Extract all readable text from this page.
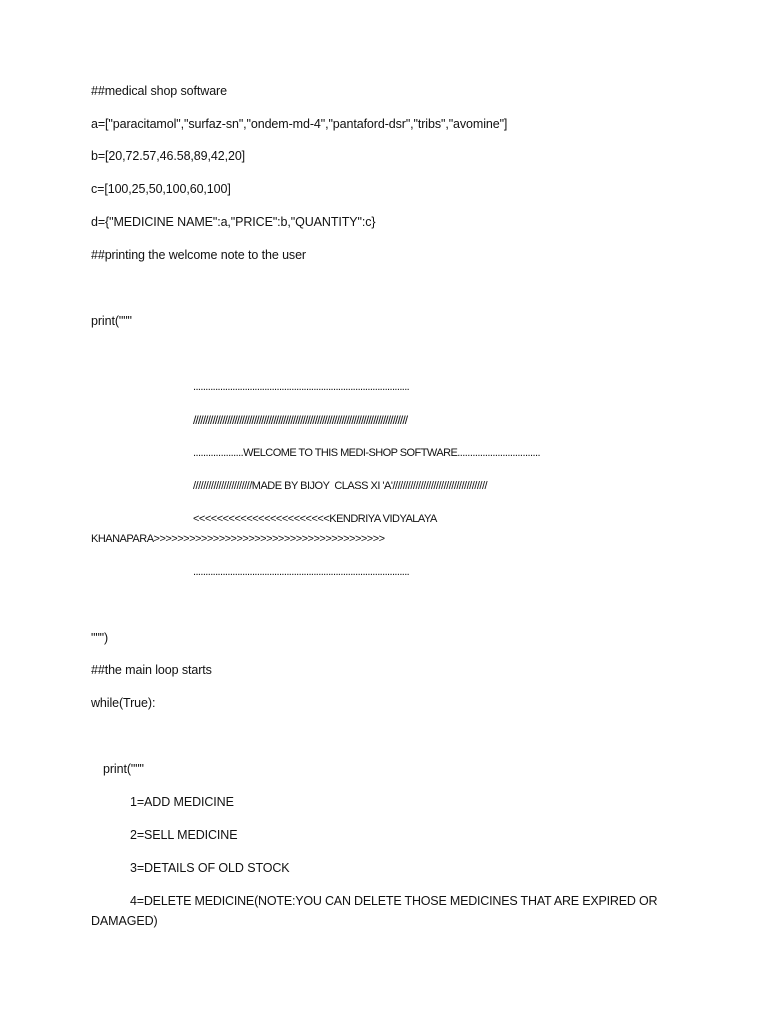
##medical shop software
a=["paracitamol","surfaz-sn","ondem-md-4","pantaford-dsr","tribs","avomine"]
b=[20,72.57,46.58,89,42,20]
c=[100,25,50,100,60,100]
d={"MEDICINE NAME":a,"PRICE":b,"QUANTITY":c}
##printing the welcome note to the user
print("""
........................................................................................
////////////////////////////////////////////////////////////////////////////////////////
....................WELCOME TO THIS MEDI-SHOP SOFTWARE.................................
///////////////////////MADE BY BIJOY  CLASS XI 'A'/////////////////////////////////////
<<<<<<<<<<<<<<<<<<<<<<<KENDRIYA VIDYALAYA
KHANAPARA>>>>>>>>>>>>>>>>>>>>>>>>>>>>>>>>>>>>>>>
........................................................................................
""")
##the main loop starts
while(True):
print("""
1=ADD MEDICINE
2=SELL MEDICINE
3=DETAILS OF OLD STOCK
4=DELETE MEDICINE(NOTE:YOU CAN DELETE THOSE MEDICINES THAT ARE EXPIRED OR
DAMAGED)
